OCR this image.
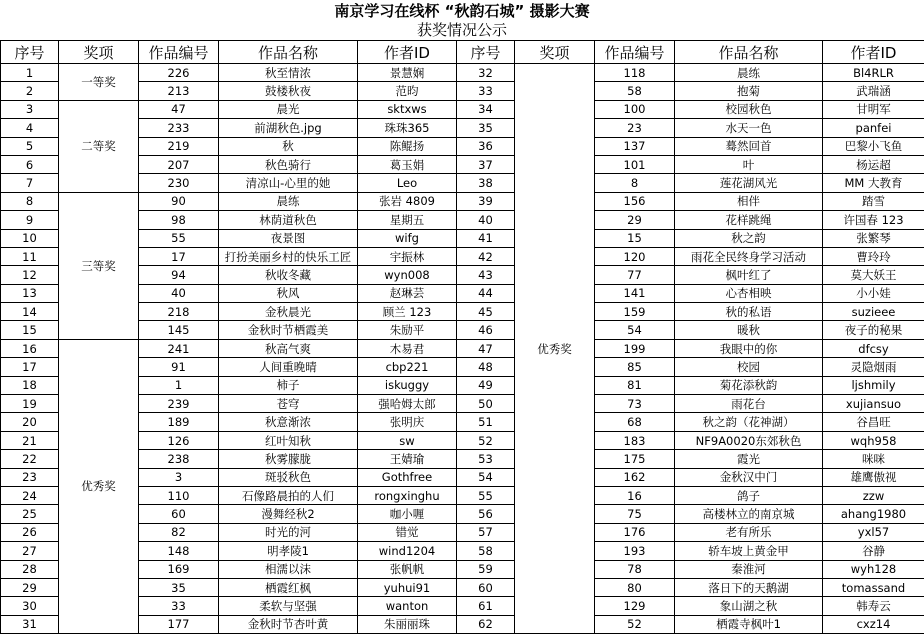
南京学习在线杯 “秋韵石城” 摄影大赛
获奖情况公示
序号	奖项	作品编号	作品名称	作者ID	序号	奖项	作品编号	作品名称	作者ID
1	一等奖	226	秋至情浓	景慧娴	32	优秀奖	118	晨练	Bl4RLR
2		213	鼓楼秋夜	范昀	33		58	抱菊	武瑞涵
3	二等奖	47	晨光	sktxws	34		100	校园秋色	甘明军
4		233	前湖秋色.jpg	珠珠365	35		23	水天一色	panfei
5		219	秋	陈鲲扬	36		137	蓦然回首	巴黎小飞鱼
6		207	秋色骑行	葛玉娟	37		101	叶	杨运超
7		230	清凉山-心里的她	Leo	38		8	莲花湖风光	MM 大教育
8	三等奖	90	晨练	张岩 4809	39		156	相伴	踏雪
9		98	林荫道秋色	星期五	40		29	花样跳绳	许国春 123
10		55	夜景图	wifg	41		15	秋之韵	张繁琴
11		17	打扮美丽乡村的快乐工匠	宇振林	42		120	雨花全民终身学习活动	曹玲玲
12		94	秋收冬藏	wyn008	43		77	枫叶红了	莫大妖王
13		40	秋风	赵琳芸	44		141	心杏相映	小小娃
14		218	金秋晨光	顾兰 123	45		159	秋的私语	suzieee
15		145	金秋时节栖霞美	朱励平	46		54	暖秋	夜子的秘果
16	优秀奖	241	秋高气爽	木易君	47		199	我眼中的你	dfcsy
17		91	人间重晚晴	cbp221	48		85	校园	灵隐烟雨
18		1	柿子	iskuggy	49		81	菊花添秋韵	ljshmily
19		239	苍穹	强哈姆太郎	50		73	雨花台	xujiansuo
20		189	秋意渐浓	张明庆	51		68	秋之韵（花神湖）	谷昌旺
21		126	红叶知秋	sw	52		183	NF9A0020东郊秋色	wqh958
22		238	秋雾朦胧	王婧瑜	53		175	霞光	咪咪
23		3	斑驳秋色	Gothfree	54		162	金秋汉中门	雄鹰傲视
24		110	石像路晨拍的人们	rongxinghu	55		16	鸽子	zzw
25		60	漫舞经秋2	咖小喱	56		75	高楼林立的南京城	ahang1980
26		82	时光的河	错觉	57		176	老有所乐	yxl57
27		148	明孝陵1	wind1204	58		193	轿车坡上黄金甲	谷静
28		169	相濡以沫	张帆帆	59		78	秦淮河	wyh128
29		35	栖霞红枫	yuhui91	60		80	落日下的天鹅湖	tomassand
30		33	柔软与坚强	wanton	61		129	象山湖之秋	韩寿云
31		177	金秋时节杏叶黄	朱丽丽珠	62		52	栖霞寺枫叶1	cxz14
